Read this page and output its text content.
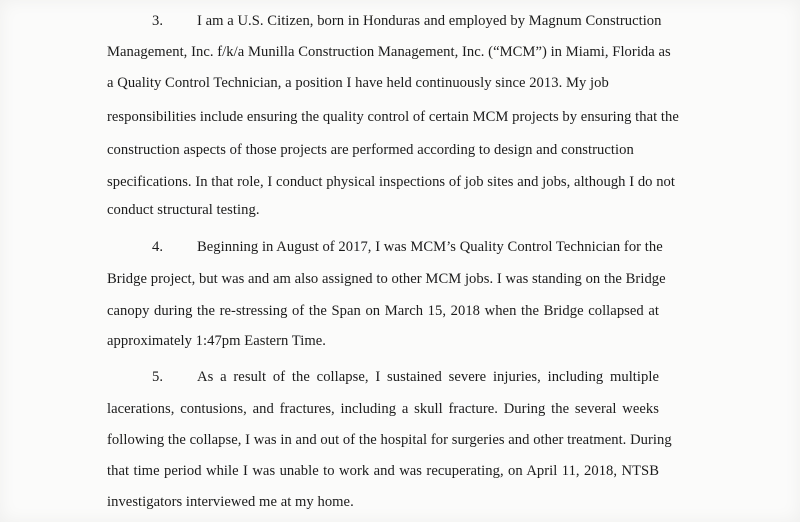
3. I am a U.S. Citizen, born in Honduras and employed by Magnum Construction
Management, Inc. f/k/a Munilla Construction Management, Inc. (“MCM”) in Miami, Florida as
a Quality Control Technician, a position I have held continuously since 2013. My job
responsibilities include ensuring the quality control of certain MCM projects by ensuring that the
construction aspects of those projects are performed according to design and construction
specifications. In that role, I conduct physical inspections of job sites and jobs, although I do not
conduct structural testing.
4. Beginning in August of 2017, I was MCM’s Quality Control Technician for the
Bridge project, but was and am also assigned to other MCM jobs. I was standing on the Bridge
canopy during the re-stressing of the Span on March 15, 2018 when the Bridge collapsed at
approximately 1:47pm Eastern Time.
5. As a result of the collapse, I sustained severe injuries, including multiple
lacerations, contusions, and fractures, including a skull fracture. During the several weeks
following the collapse, I was in and out of the hospital for surgeries and other treatment. During
that time period while I was unable to work and was recuperating, on April 11, 2018, NTSB
investigators interviewed me at my home.
